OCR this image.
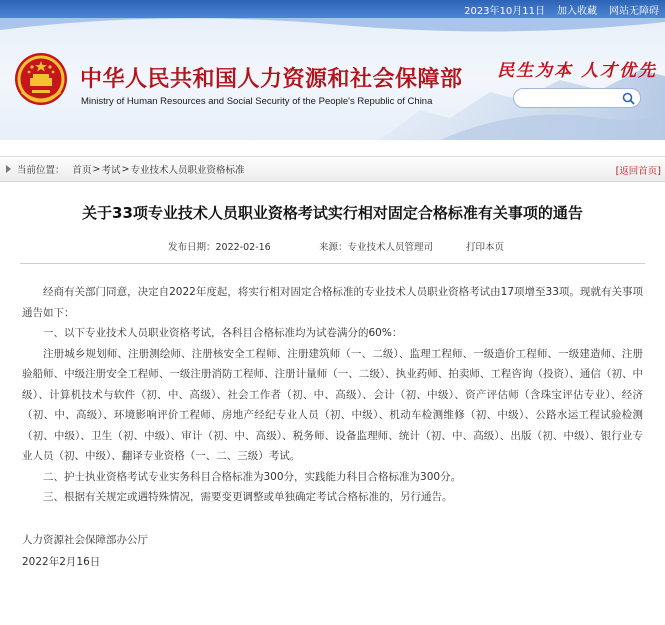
2023年10月11日 加入收藏 网站无障碍
中华人民共和国人力资源和社会保障部
Ministry of Human Resources and Social Security of the People's Republic of China
民生为本 人才优先
当前位置： 首页 > 考试 > 专业技术人员职业资格标准	[返回首页]
关于33项专业技术人员职业资格考试实行相对固定合格标准有关事项的通告
发布日期：2022-02-16	来源：专业技术人员管理司	打印本页

经商有关部门同意，决定自2022年度起，将实行相对固定合格标准的专业技术人员职业资格考试由17项增至33项。现就有关事项通告如下：

一、以下专业技术人员职业资格考试，各科目合格标准均为试卷满分的60%：

注册城乡规划师、注册测绘师、注册核安全工程师、注册建筑师（一、二级）、监理工程师、一级造价工程师、一级建造师、注册验船师、中级注册安全工程师、一级注册消防工程师、注册计量师（一、二级）、执业药师、拍卖师、工程咨询（投资）、通信（初、中级）、计算机技术与软件（初、中、高级）、社会工作者（初、中、高级）、会计（初、中级）、资产评估师（含珠宝评估专业）、经济（初、中、高级）、环境影响评价工程师、房地产经纪专业人员（初、中级）、机动车检测维修（初、中级）、公路水运工程试验检测（初、中级）、卫生（初、中级）、审计（初、中、高级）、税务师、设备监理师、统计（初、中、高级）、出版（初、中级）、银行业专业人员（初、中级）、翻译专业资格（一、二、三级）考试。

二、护士执业资格考试专业实务科目合格标准为300分，实践能力科目合格标准为300分。

三、根据有关规定或遇特殊情况，需要变更调整或单独确定考试合格标准的，另行通告。

人力资源社会保障部办公厅

2022年2月16日
